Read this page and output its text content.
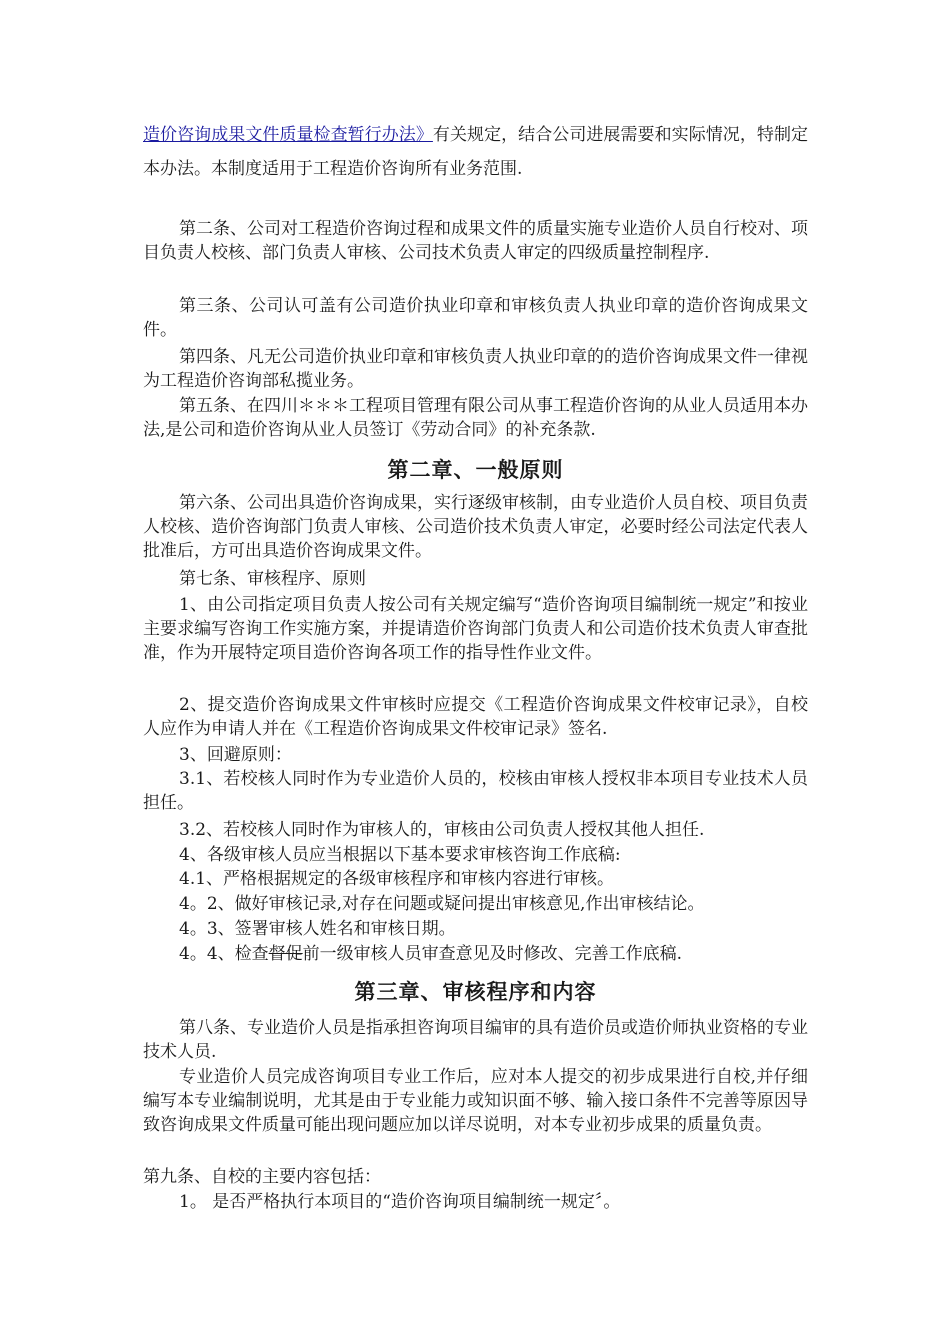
造价咨询成果文件质量检查暂行办法》有关规定，结合公司进展需要和实际情况，特制定本办法。本制度适用于工程造价咨询所有业务范围.

第二条、公司对工程造价咨询过程和成果文件的质量实施专业造价人员自行校对、项目负责人校核、部门负责人审核、公司技术负责人审定的四级质量控制程序.

第三条、公司认可盖有公司造价执业印章和审核负责人执业印章的造价咨询成果文件。

第四条、凡无公司造价执业印章和审核负责人执业印章的的造价咨询成果文件一律视为工程造价咨询部私揽业务。

第五条、在四川＊＊＊工程项目管理有限公司从事工程造价咨询的从业人员适用本办法,是公司和造价咨询从业人员签订《劳动合同》的补充条款.

第二章、一般原则

第六条、公司出具造价咨询成果，实行逐级审核制，由专业造价人员自校、项目负责人校核、造价咨询部门负责人审核、公司造价技术负责人审定，必要时经公司法定代表人批准后，方可出具造价咨询成果文件。

第七条、审核程序、原则

1、由公司指定项目负责人按公司有关规定编写“造价咨询项目编制统一规定”和按业主要求编写咨询工作实施方案，并提请造价咨询部门负责人和公司造价技术负责人审查批准，作为开展特定项目造价咨询各项工作的指导性作业文件。

2、提交造价咨询成果文件审核时应提交《工程造价咨询成果文件校审记录》，自校人应作为申请人并在《工程造价咨询成果文件校审记录》签名.

3、回避原则：

3.1、若校核人同时作为专业造价人员的，校核由审核人授权非本项目专业技术人员担任。

3.2、若校核人同时作为审核人的，审核由公司负责人授权其他人担任.

4、各级审核人员应当根据以下基本要求审核咨询工作底稿:

4.1、严格根据规定的各级审核程序和审核内容进行审核。

4。2、做好审核记录,对存在问题或疑问提出审核意见,作出审核结论。

4。3、签署审核人姓名和审核日期。

4。4、检查督促前一级审核人员审查意见及时修改、完善工作底稿.

第三章、审核程序和内容

第八条、专业造价人员是指承担咨询项目编审的具有造价员或造价师执业资格的专业技术人员.

专业造价人员完成咨询项目专业工作后，应对本人提交的初步成果进行自校,并仔细编写本专业编制说明，尤其是由于专业能力或知识面不够、输入接口条件不完善等原因导致咨询成果文件质量可能出现问题应加以详尽说明，对本专业初步成果的质量负责。

第九条、自校的主要内容包括：

1。 是否严格执行本项目的“造价咨询项目编制统一规定〞。
